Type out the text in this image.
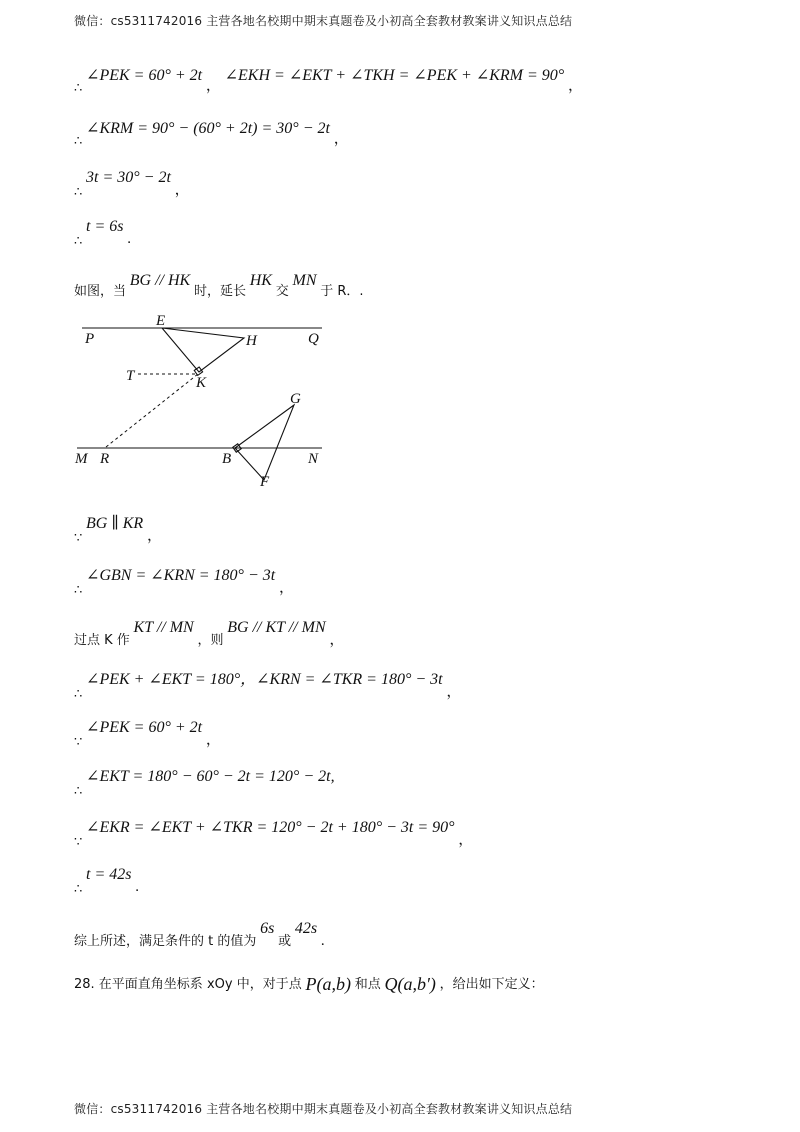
微信：cs5311742016 主营各地名校期中期末真题卷及小初高全套教材教案讲义知识点总结
∴ ∠PEK = 60° + 2t ， ∠EKH = ∠EKT + ∠TKH = ∠PEK + ∠KRM = 90° ，
∴ ∠KRM = 90° − (60° + 2t) = 30° − 2t ，
∴ 3t = 30° − 2t ，
∴ t = 6s .
如图，当 BG // HK 时，延长 HK 交 MN 于 R．.
P
E
H	Q
T	K
G
M R	B	N
F
∵ BG ∥ KR ，
∴ ∠GBN = ∠KRN = 180° − 3t ，
过点 K 作 KT // MN ，则 BG // KT // MN ，
∴ ∠PEK + ∠EKT = 180°，∠KRN = ∠TKR = 180° − 3t ，
∵ ∠PEK = 60° + 2t ，
∴ ∠EKT = 180° − 60° − 2t = 120° − 2t,
∵ ∠EKR = ∠EKT + ∠TKR = 120° − 2t + 180° − 3t = 90° ，
∴ t = 42s .
综上所述，满足条件的 t 的值为 6s 或 42s .
28. 在平面直角坐标系 xOy 中，对于点 P(a,b) 和点 Q(a,b′) ，给出如下定义：
微信：cs5311742016 主营各地名校期中期末真题卷及小初高全套教材教案讲义知识点总结
